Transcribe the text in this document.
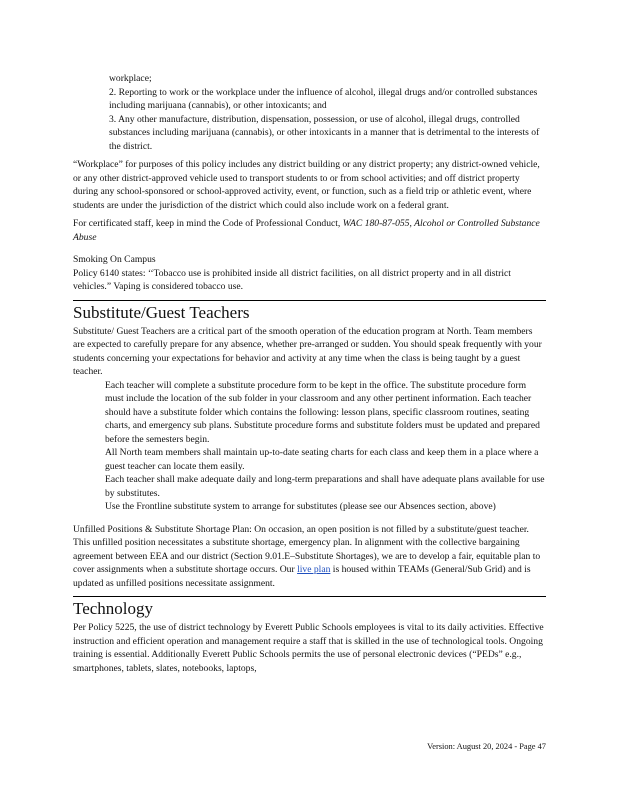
workplace;

2. Reporting to work or the workplace under the influence of alcohol, illegal drugs and/or controlled substances including marijuana (cannabis), or other intoxicants; and

3. Any other manufacture, distribution, dispensation, possession, or use of alcohol, illegal drugs, controlled substances including marijuana (cannabis), or other intoxicants in a manner that is detrimental to the interests of the district.

“Workplace” for purposes of this policy includes any district building or any district property; any district-owned vehicle, or any other district-approved vehicle used to transport students to or from school activities; and off district property during any school-sponsored or school-approved activity, event, or function, such as a field trip or athletic event, where students are under the jurisdiction of the district which could also include work on a federal grant.

For certificated staff, keep in mind the Code of Professional Conduct, WAC 180-87-055, Alcohol or Controlled Substance Abuse

Smoking On Campus

Policy 6140 states: ‘‘Tobacco use is prohibited inside all district facilities, on all district property and in all district vehicles.” Vaping is considered tobacco use.

Substitute/Guest Teachers

Substitute/ Guest Teachers are a critical part of the smooth operation of the education program at North. Team members are expected to carefully prepare for any absence, whether pre-arranged or sudden. You should speak frequently with your students concerning your expectations for behavior and activity at any time when the class is being taught by a guest teacher.

Each teacher will complete a substitute procedure form to be kept in the office. The substitute procedure form must include the location of the sub folder in your classroom and any other pertinent information. Each teacher should have a substitute folder which contains the following: lesson plans, specific classroom routines, seating charts, and emergency sub plans. Substitute procedure forms and substitute folders must be updated and prepared before the semesters begin.
All North team members shall maintain up-to-date seating charts for each class and keep them in a place where a guest teacher can locate them easily.
Each teacher shall make adequate daily and long-term preparations and shall have adequate plans available for use by substitutes.
Use the Frontline substitute system to arrange for substitutes (please see our Absences section, above)

Unfilled Positions & Substitute Shortage Plan: On occasion, an open position is not filled by a substitute/guest teacher. This unfilled position necessitates a substitute shortage, emergency plan. In alignment with the collective bargaining agreement between EEA and our district (Section 9.01.E–Substitute Shortages), we are to develop a fair, equitable plan to cover assignments when a substitute shortage occurs. Our live plan is housed within TEAMs (General/Sub Grid) and is updated as unfilled positions necessitate assignment.

Technology

Per Policy 5225, the use of district technology by Everett Public Schools employees is vital to its daily activities. Effective instruction and efficient operation and management require a staff that is skilled in the use of technological tools. Ongoing training is essential. Additionally Everett Public Schools permits the use of personal electronic devices (“PEDs” e.g., smartphones, tablets, slates, notebooks, laptops,

Version: August 20, 2024 - Page 47
